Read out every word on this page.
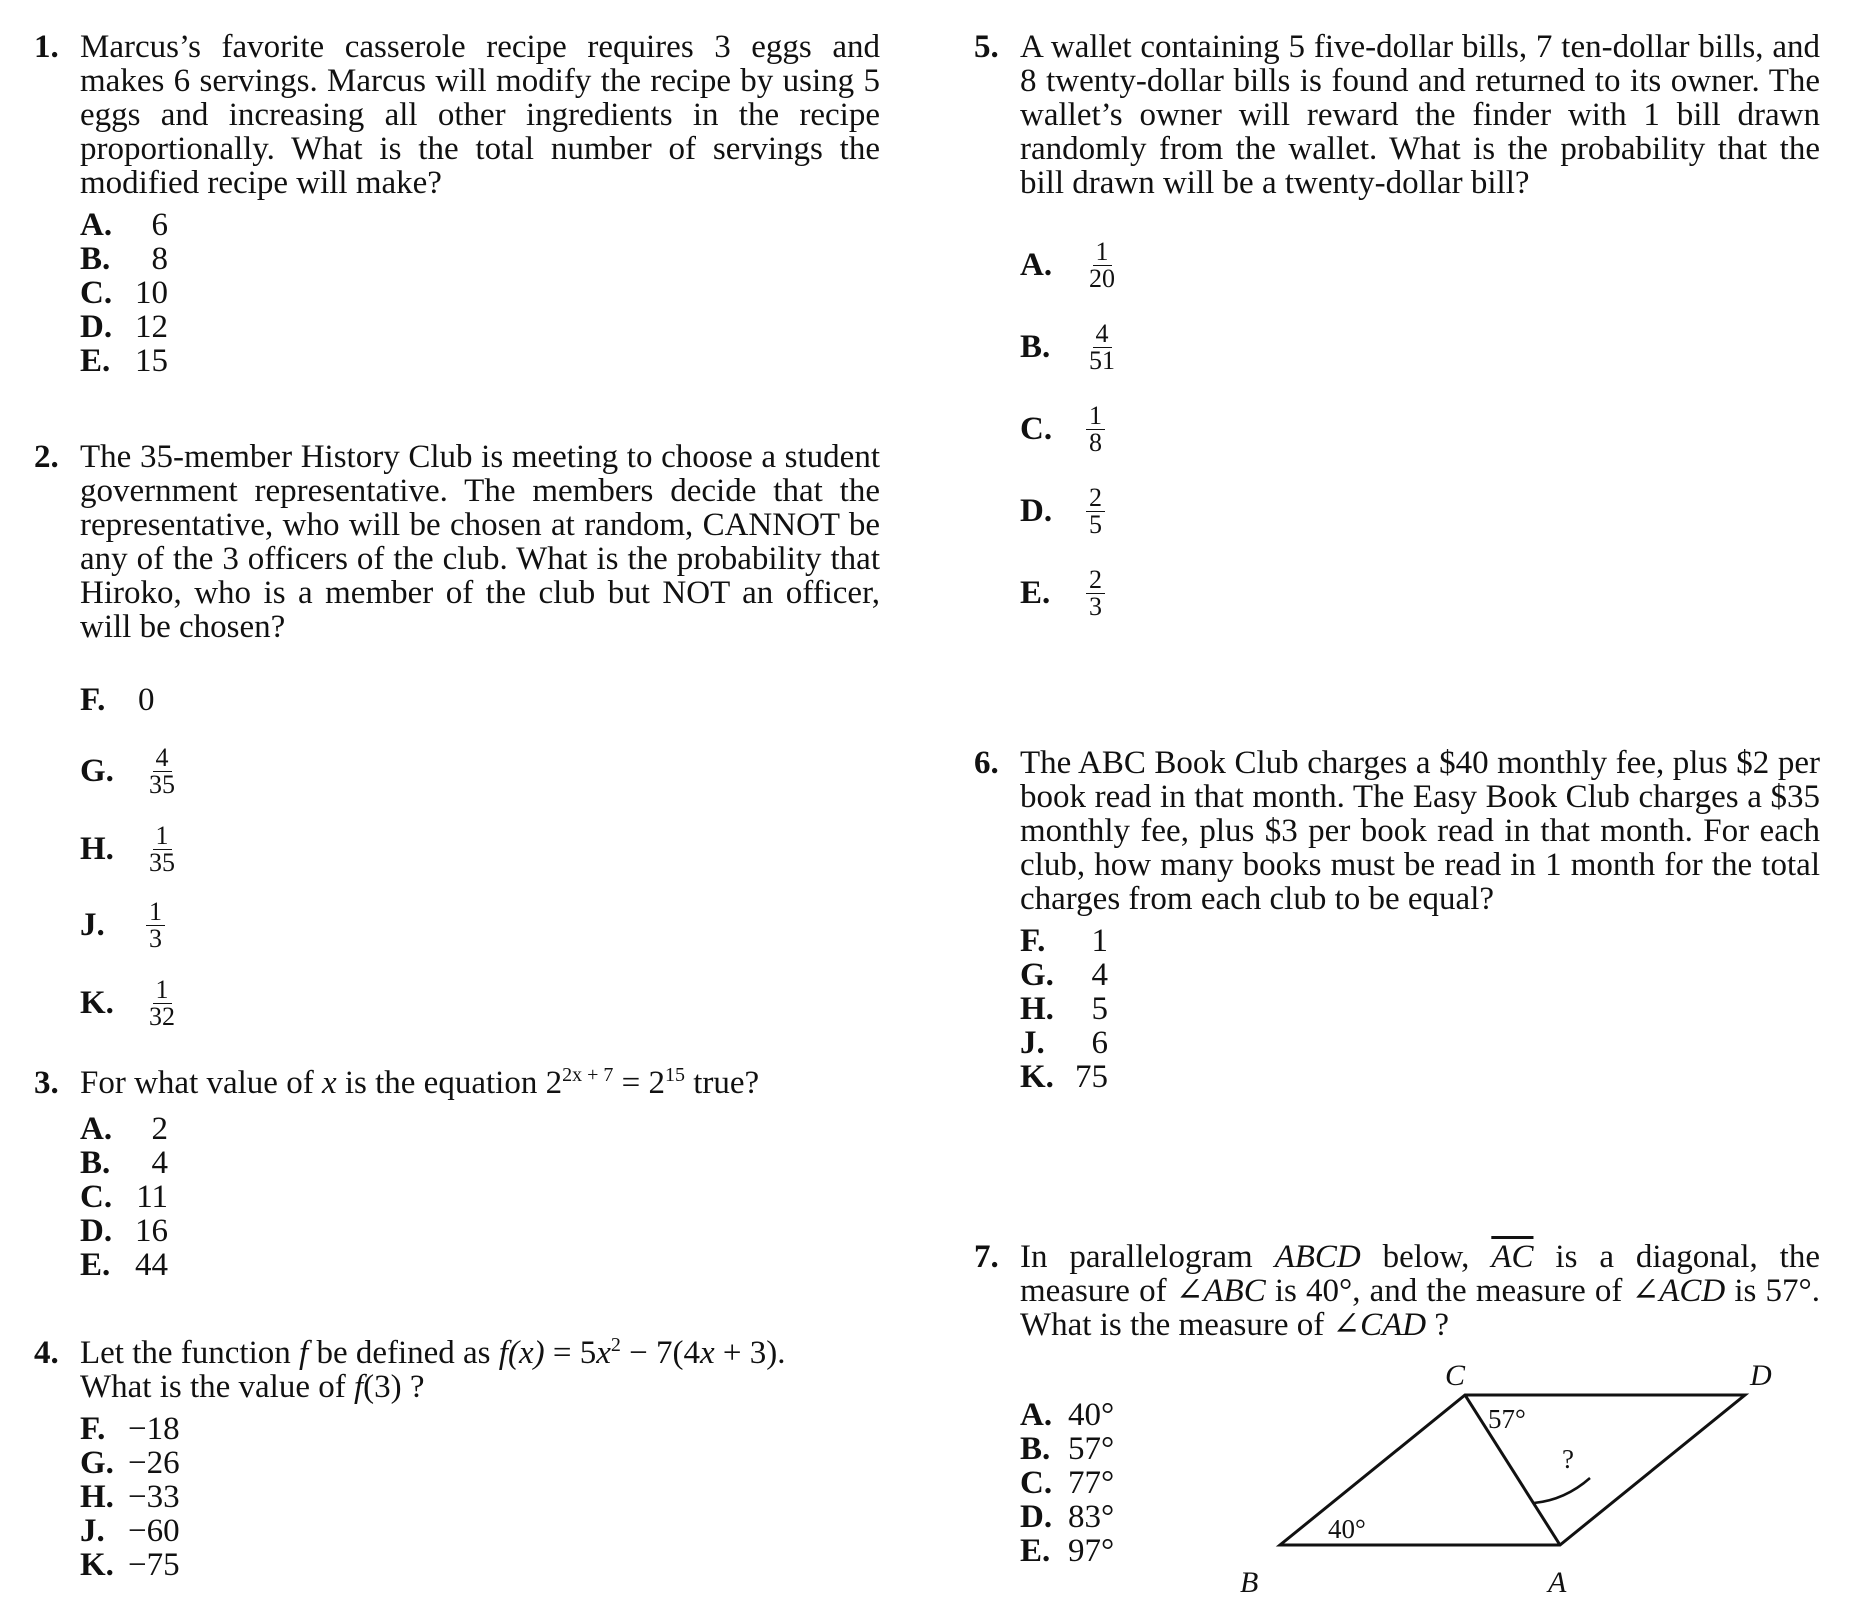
1. Marcus’s favorite casserole recipe requires 3 eggs and makes 6 servings. Marcus will modify the recipe by using 5 eggs and increasing all other ingredients in the recipe proportionally. What is the total number of servings the modified recipe will make?
A.	6
B.	8
C. 10
D. 12
E. 15
2. The 35-member History Club is meeting to choose a student government representative. The members decide that the representative, who will be chosen at random, CANNOT be any of the 3 officers of the club. What is the probability that Hiroko, who is a member of the club but NOT an officer, will be chosen?
F. 0
G.	$\frac{4}{35}$
H.	$\frac{1}{35}$
J.	$\frac{1}{3}$
K.	$\frac{1}{32}$
3. For what value of x is the equation $2^{2x + 7} = 2^{15}$ true?
A.	2
B.	4
C. 11
D. 16
E. 44
4. Let the function f be defined as $f(x) = 5x^2 - 7(4x + 3)$.
What is the value of f(3) ?
F. −18
G. −26
H. −33
J. −60
K. −75
5. A wallet containing 5 five-dollar bills, 7 ten-dollar bills, and 8 twenty-dollar bills is found and returned to its owner. The wallet’s owner will reward the finder with 1 bill drawn randomly from the wallet. What is the probability that the bill drawn will be a twenty-dollar bill?
A.	$\frac{1}{20}$
B.	$\frac{4}{51}$
C.	$\frac{1}{8}$
D.	$\frac{2}{5}$
E.	$\frac{2}{3}$
6. The ABC Book Club charges a $40 monthly fee, plus $2 per book read in that month. The Easy Book Club charges a $35 monthly fee, plus $3 per book read in that month. For each club, how many books must be read in 1 month for the total charges from each club to be equal?
F.	1
G.	4
H.	5
J.	6
K. 75
7. In parallelogram ABCD below, $\overline{AC}$ is a diagonal, the measure of ∠ABC is 40°, and the measure of ∠ACD is 57°. What is the measure of ∠CAD ?
A. 40°
B. 57°
C. 77°
D. 83°
E. 97°
C	D
B	A
57°
40°
?
